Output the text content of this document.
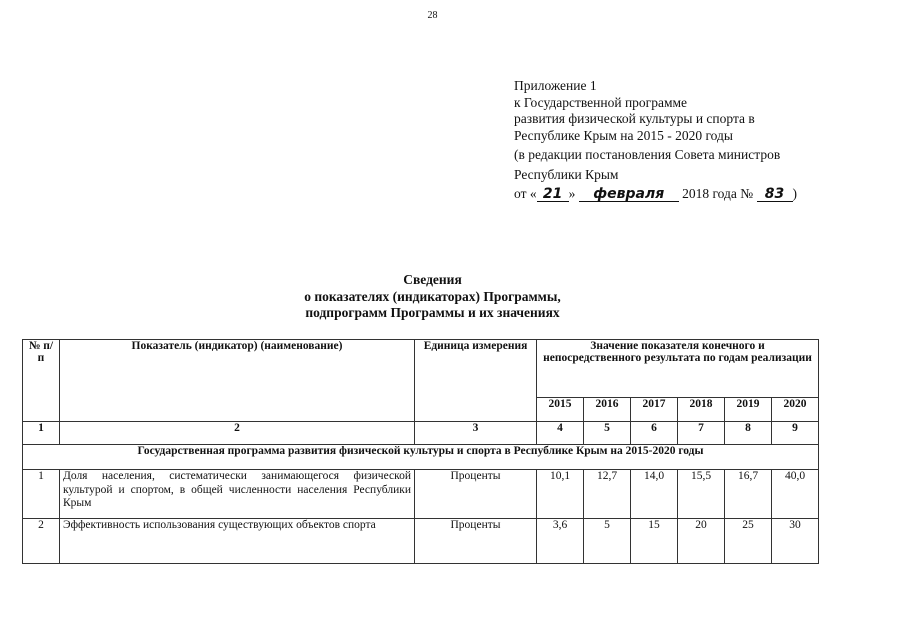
28
Приложение 1
к Государственной программе
развития физической культуры и спорта в
Республике Крым на 2015 - 2020 годы
(в редакции постановления Совета министров
Республики Крым
от « 21 » февраля 2018 года № 83 )
Сведения
о показателях (индикаторах) Программы,
подпрограмм Программы и их значениях
№ п/п	Показатель (индикатор) (наименование)	Единица измерения	Значение показателя конечного и непосредственного результата по годам реализации					
			2015	2016	2017	2018	2019	2020
1	2	3	4	5	6	7	8	9
Государственная программа развития физической культуры и спорта в Республике Крым на 2015-2020 годы								
1	Доля населения, систематически занимающегося физической культурой и спортом, в общей численности населения Республики Крым	Проценты	10,1	12,7	14,0	15,5	16,7	40,0
2	Эффективность использования существующих объектов спорта	Проценты	3,6	5	15	20	25	30
